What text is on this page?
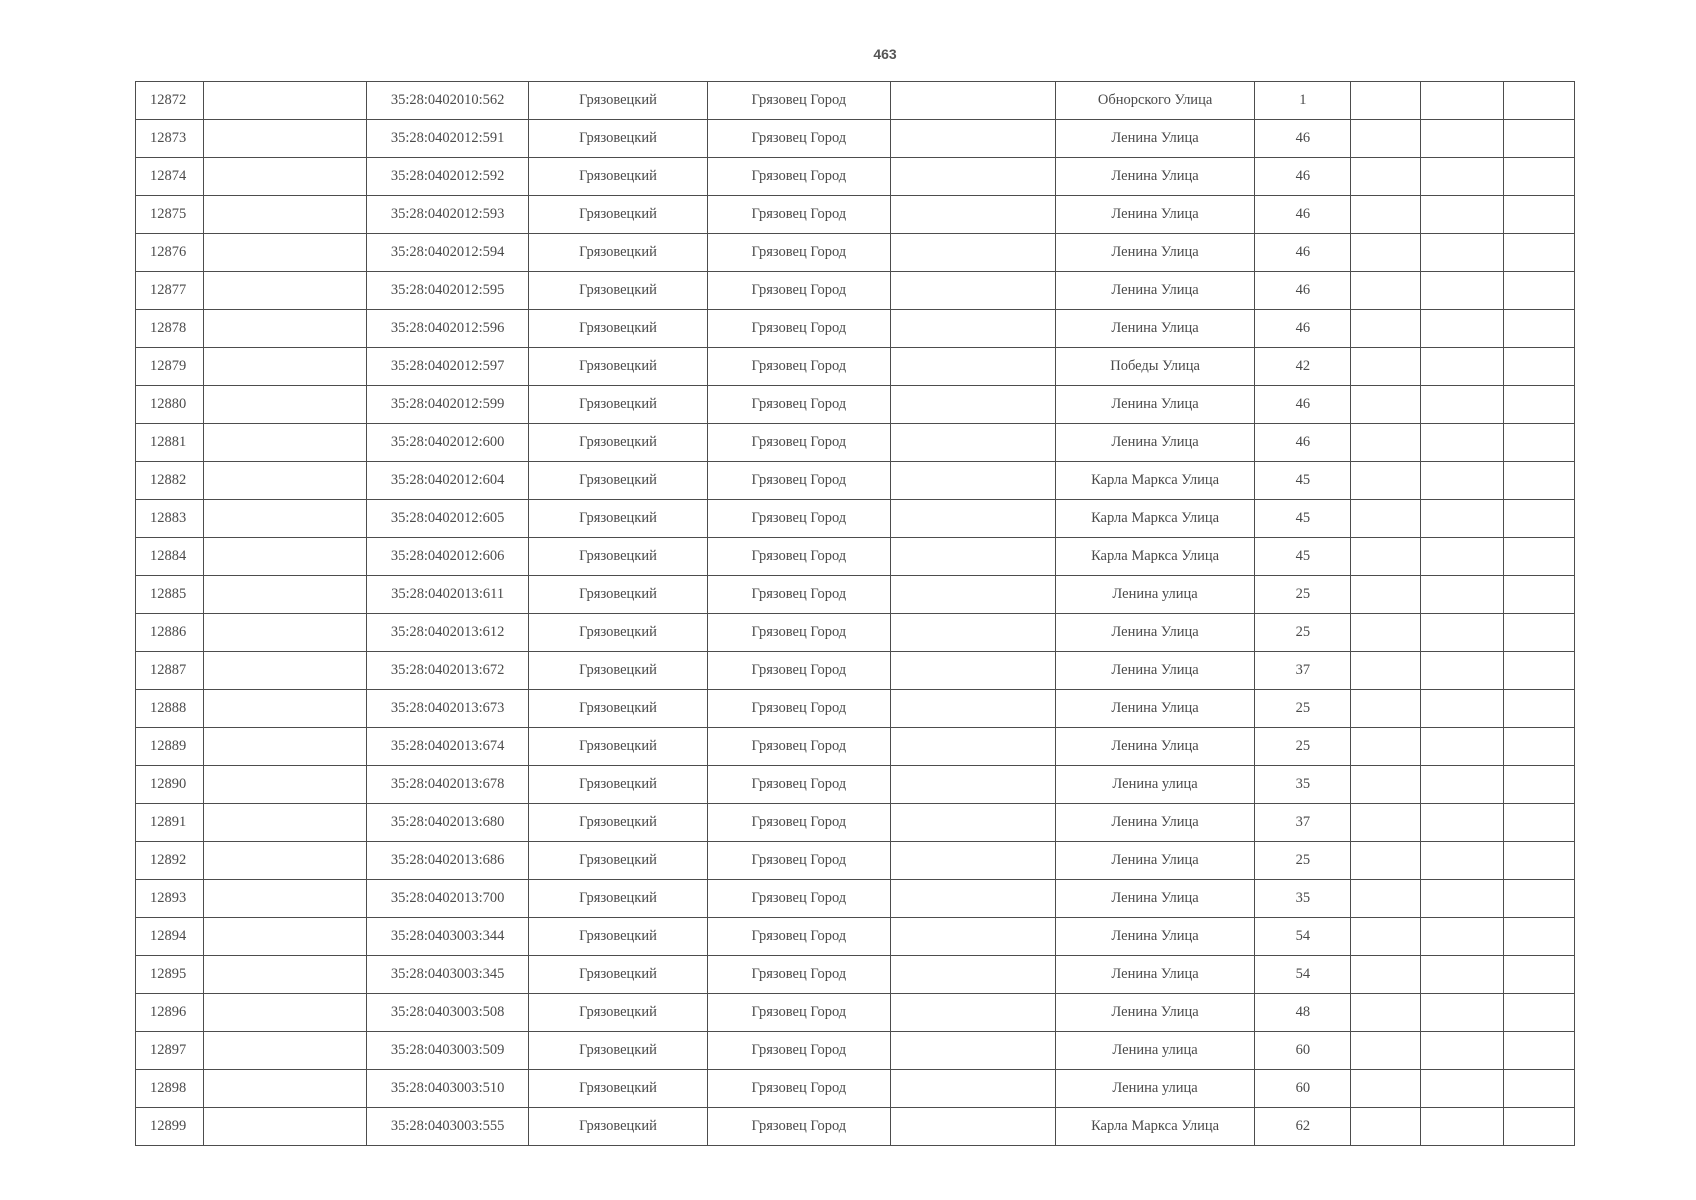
463
12872		35:28:0402010:562	Грязовецкий	Грязовец Город		Обнорского Улица	1			
12873		35:28:0402012:591	Грязовецкий	Грязовец Город		Ленина Улица	46			
12874		35:28:0402012:592	Грязовецкий	Грязовец Город		Ленина Улица	46			
12875		35:28:0402012:593	Грязовецкий	Грязовец Город		Ленина Улица	46			
12876		35:28:0402012:594	Грязовецкий	Грязовец Город		Ленина Улица	46			
12877		35:28:0402012:595	Грязовецкий	Грязовец Город		Ленина Улица	46			
12878		35:28:0402012:596	Грязовецкий	Грязовец Город		Ленина Улица	46			
12879		35:28:0402012:597	Грязовецкий	Грязовец Город		Победы Улица	42			
12880		35:28:0402012:599	Грязовецкий	Грязовец Город		Ленина Улица	46			
12881		35:28:0402012:600	Грязовецкий	Грязовец Город		Ленина Улица	46			
12882		35:28:0402012:604	Грязовецкий	Грязовец Город		Карла Маркса Улица	45			
12883		35:28:0402012:605	Грязовецкий	Грязовец Город		Карла Маркса Улица	45			
12884		35:28:0402012:606	Грязовецкий	Грязовец Город		Карла Маркса Улица	45			
12885		35:28:0402013:611	Грязовецкий	Грязовец Город		Ленина улица	25			
12886		35:28:0402013:612	Грязовецкий	Грязовец Город		Ленина Улица	25			
12887		35:28:0402013:672	Грязовецкий	Грязовец Город		Ленина Улица	37			
12888		35:28:0402013:673	Грязовецкий	Грязовец Город		Ленина Улица	25			
12889		35:28:0402013:674	Грязовецкий	Грязовец Город		Ленина Улица	25			
12890		35:28:0402013:678	Грязовецкий	Грязовец Город		Ленина улица	35			
12891		35:28:0402013:680	Грязовецкий	Грязовец Город		Ленина Улица	37			
12892		35:28:0402013:686	Грязовецкий	Грязовец Город		Ленина Улица	25			
12893		35:28:0402013:700	Грязовецкий	Грязовец Город		Ленина Улица	35			
12894		35:28:0403003:344	Грязовецкий	Грязовец Город		Ленина Улица	54			
12895		35:28:0403003:345	Грязовецкий	Грязовец Город		Ленина Улица	54			
12896		35:28:0403003:508	Грязовецкий	Грязовец Город		Ленина Улица	48			
12897		35:28:0403003:509	Грязовецкий	Грязовец Город		Ленина улица	60			
12898		35:28:0403003:510	Грязовецкий	Грязовец Город		Ленина улица	60			
12899		35:28:0403003:555	Грязовецкий	Грязовец Город		Карла Маркса Улица	62			
